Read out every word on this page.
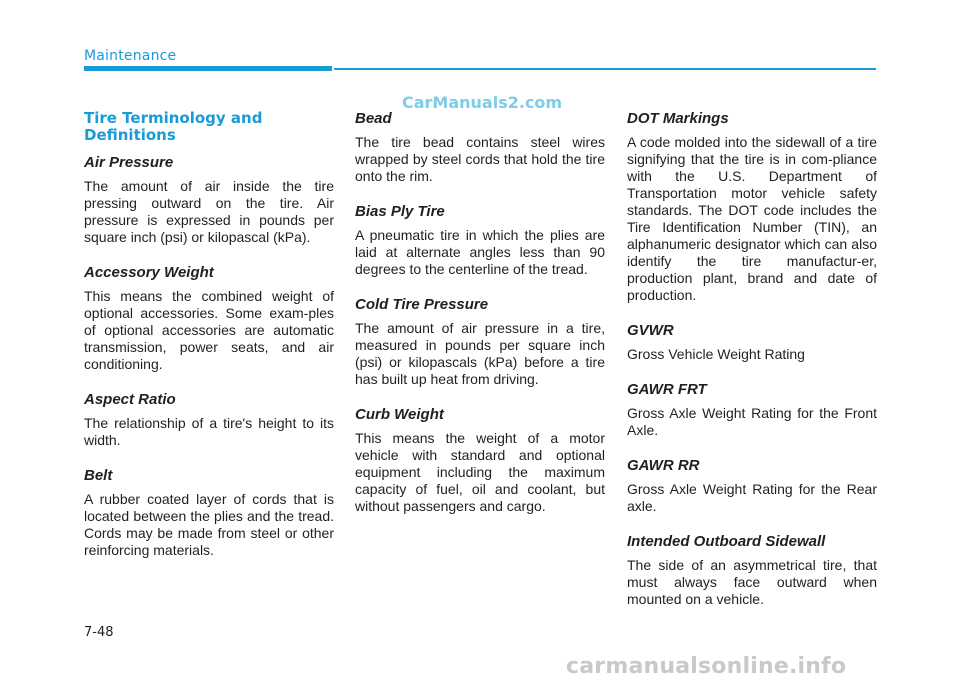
Maintenance
CarManuals2.com
Tire Terminology and Definitions
Air Pressure
The amount of air inside the tire pressing outward on the tire. Air pressure is expressed in pounds per square inch (psi) or kilopascal (kPa).
Accessory Weight
This means the combined weight of optional accessories. Some exam-ples of optional accessories are automatic transmission, power seats, and air conditioning.
Aspect Ratio
The relationship of a tire's height to its width.
Belt
A rubber coated layer of cords that is located between the plies and the tread. Cords may be made from steel or other reinforcing materials.
Bead
The tire bead contains steel wires wrapped by steel cords that hold the tire onto the rim.
Bias Ply Tire
A pneumatic tire in which the plies are laid at alternate angles less than 90 degrees to the centerline of the tread.
Cold Tire Pressure
The amount of air pressure in a tire, measured in pounds per square inch (psi) or kilopascals (kPa) before a tire has built up heat from driving.
Curb Weight
This means the weight of a motor vehicle with standard and optional equipment including the maximum capacity of fuel, oil and coolant, but without passengers and cargo.
DOT Markings
A code molded into the sidewall of a tire signifying that the tire is in com-pliance with the U.S. Department of Transportation motor vehicle safety standards. The DOT code includes the Tire Identification Number (TIN), an alphanumeric designator which can also identify the tire manufactur-er, production plant, brand and date of production.
GVWR
Gross Vehicle Weight Rating
GAWR FRT
Gross Axle Weight Rating for the Front Axle.
GAWR RR
Gross Axle Weight Rating for the Rear axle.
Intended Outboard Sidewall
The side of an asymmetrical tire, that must always face outward when mounted on a vehicle.
7-48
carmanualsonline.info
